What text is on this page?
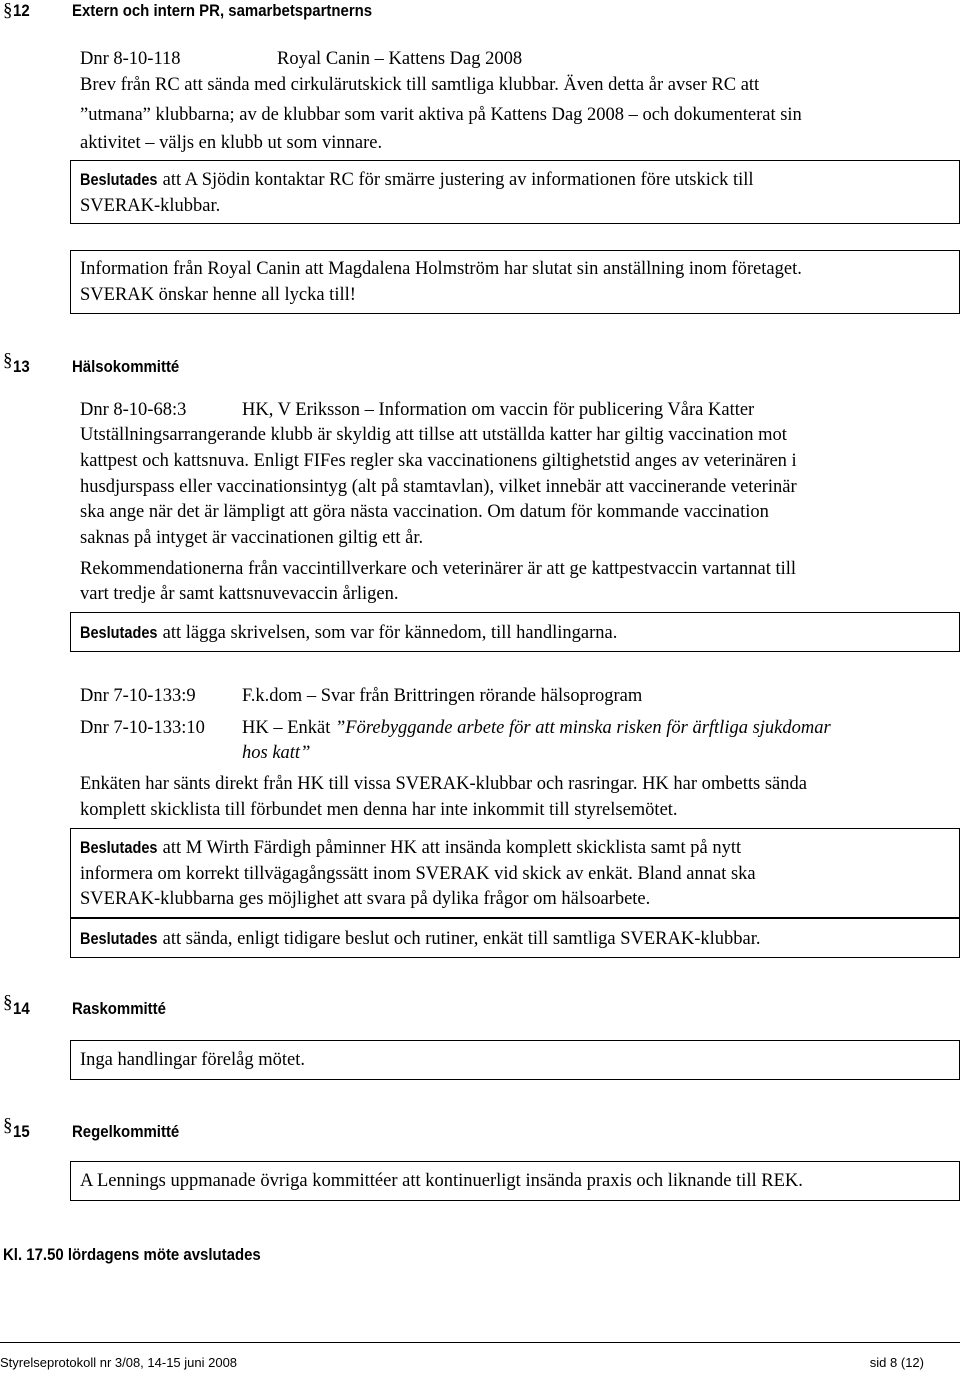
§ 12 Extern och intern PR, samarbetspartnerns
Dnr 8-10-118	Royal Canin – Kattens Dag 2008
Brev från RC att sända med cirkulärutskick till samtliga klubbar. Även detta år avser RC att
”utmana” klubbarna; av de klubbar som varit aktiva på Kattens Dag 2008 – och dokumenterat sin
aktivitet – väljs en klubb ut som vinnare.
Beslutades att A Sjödin kontaktar RC för smärre justering av informationen före utskick till
SVERAK-klubbar.
Information från Royal Canin att Magdalena Holmström har slutat sin anställning inom företaget.
SVERAK önskar henne all lycka till!
§ 13 Hälsokommitté
Dnr 8-10-68:3	HK, V Eriksson – Information om vaccin för publicering Våra Katter
Utställningsarrangerande klubb är skyldig att tillse att utställda katter har giltig vaccination mot
kattpest och kattsnuva. Enligt FIFes regler ska vaccinationens giltighetstid anges av veterinären i
husdjurspass eller vaccinationsintyg (alt på stamtavlan), vilket innebär att vaccinerande veterinär
ska ange när det är lämpligt att göra nästa vaccination. Om datum för kommande vaccination
saknas på intyget är vaccinationen giltig ett år.
Rekommendationerna från vaccintillverkare och veterinärer är att ge kattpestvaccin vartannat till
vart tredje år samt kattsnuvevaccin årligen.
Beslutades att lägga skrivelsen, som var för kännedom, till handlingarna.
Dnr 7-10-133:9	F.k.dom – Svar från Brittringen rörande hälsoprogram
Dnr 7-10-133:10 HK – Enkät ”Förebyggande arbete för att minska risken för ärftliga sjukdomar
hos katt”
Enkäten har sänts direkt från HK till vissa SVERAK-klubbar och rasringar. HK har ombetts sända
komplett skicklista till förbundet men denna har inte inkommit till styrelsemötet.
Beslutades att M Wirth Färdigh påminner HK att insända komplett skicklista samt på nytt
informera om korrekt tillvägagångssätt inom SVERAK vid skick av enkät. Bland annat ska
SVERAK-klubbarna ges möjlighet att svara på dylika frågor om hälsoarbete.
Beslutades att sända, enligt tidigare beslut och rutiner, enkät till samtliga SVERAK-klubbar.
§ 14 Raskommitté
Inga handlingar förelåg mötet.
§ 15 Regelkommitté
A Lennings uppmanade övriga kommittéer att kontinuerligt insända praxis och liknande till REK.
Kl. 17.50 lördagens möte avslutades
Styrelseprotokoll nr 3/08, 14-15 juni 2008	sid 8 (12)
